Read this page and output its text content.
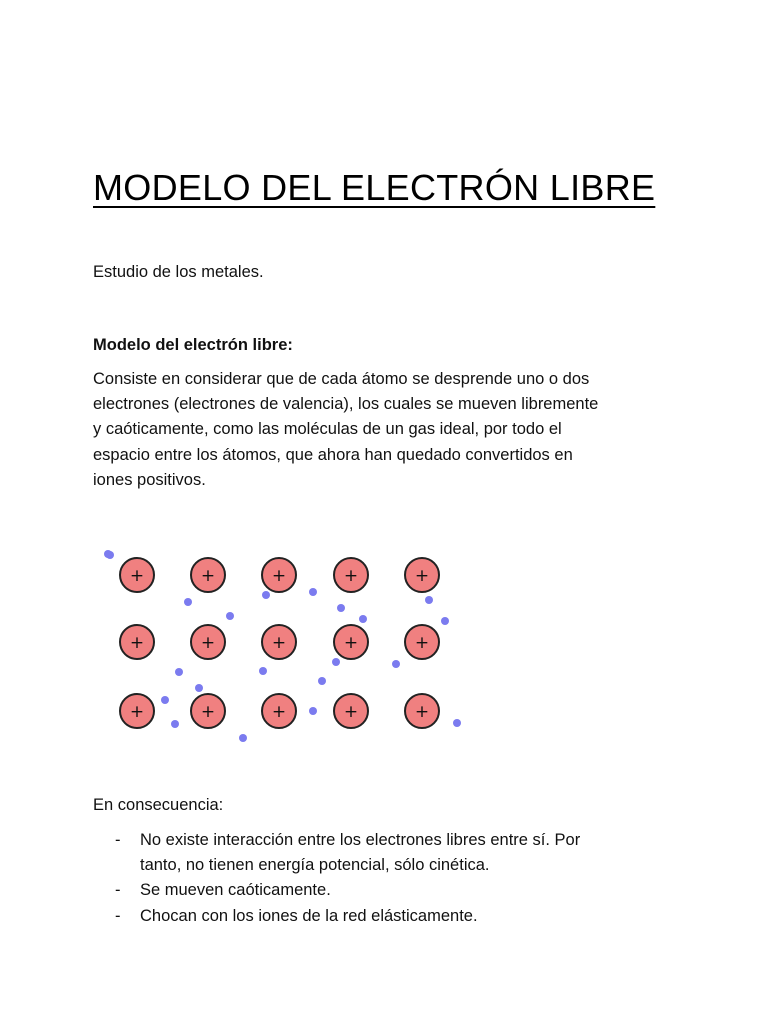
MODELO DEL ELECTRÓN LIBRE
Estudio de los metales.
Modelo del electrón libre:
Consiste en considerar que de cada átomo se desprende uno o dos
electrones (electrones de valencia), los cuales se mueven libremente
y caóticamente, como las moléculas de un gas ideal, por todo el
espacio entre los átomos, que ahora han quedado convertidos en
iones positivos.
+	+	+	+	+
+	+	+	+	+
+	+	+	+	+
En consecuencia:
- No existe interacción entre los electrones libres entre sí. Por
tanto, no tienen energía potencial, sólo cinética.
- Se mueven caóticamente.
- Chocan con los iones de la red elásticamente.
